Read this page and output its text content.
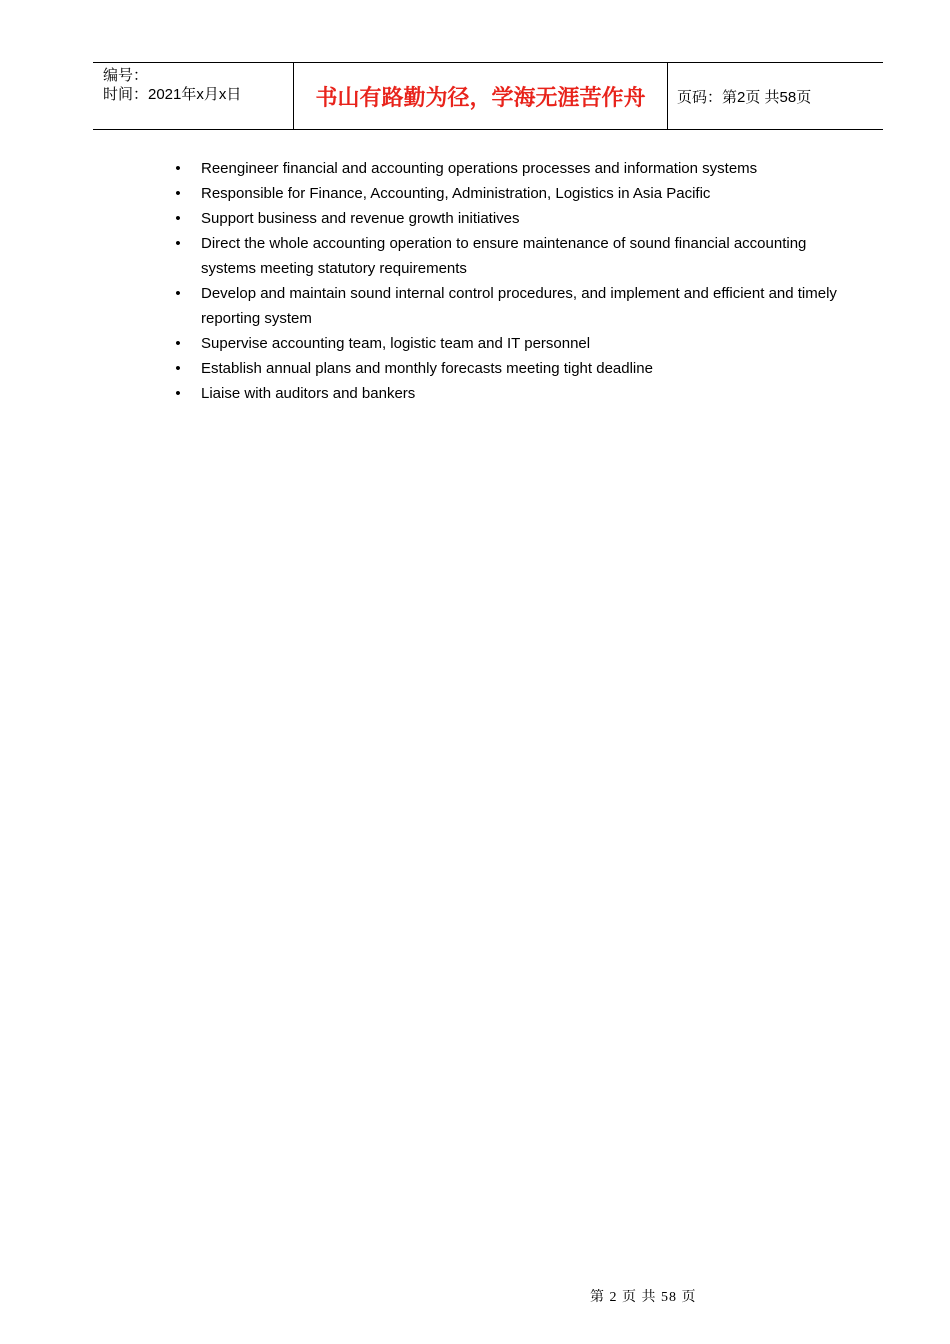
编号：
时间：2021年x月x日	书山有路勤为径，学海无涯苦作舟 页码：第2页 共58页
• Reengineer financial and accounting operations processes and information systems
• Responsible for Finance, Accounting, Administration, Logistics in Asia Pacific
• Support business and revenue growth initiatives
• Direct the whole accounting operation to ensure maintenance of sound financial accounting systems meeting statutory requirements
• Develop and maintain sound internal control procedures, and implement and efficient and timely reporting system
• Supervise accounting team, logistic team and IT personnel
• Establish annual plans and monthly forecasts meeting tight deadline
• Liaise with auditors and bankers
第 2 页 共 58 页
